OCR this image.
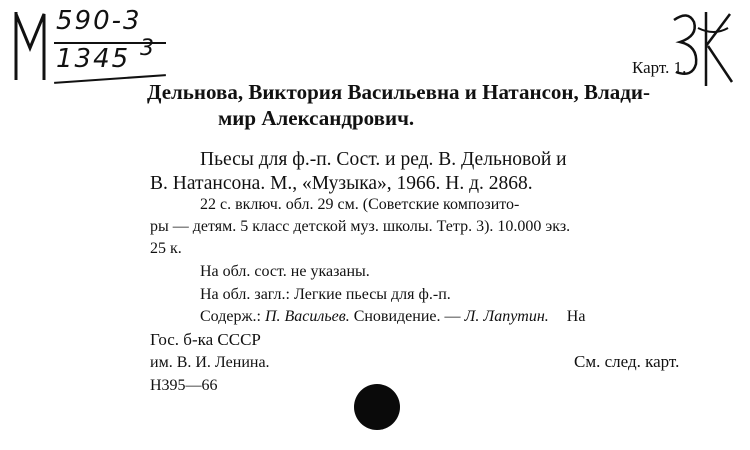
590-3
1345 3
Карт. 1.
Дельнова, Виктория Васильевна и Натансон, Влади-
мир Александрович.
Пьесы для ф.-п. Сост. и ред. В. Дельновой и
В. Натансона. М., «Музыка», 1966. Н. д. 2868.
22 с. включ. обл. 29 см. (Советские композито-
ры — детям. 5 класс детской муз. школы. Тетр. 3). 10.000 экз.
25 к.
На обл. сост. не указаны.
На обл. загл.: Легкие пьесы для ф.-п.
Содерж.: П. Васильев. Сновидение. — Л. Лапутин. На
Гос. б-ка СССР
им. В. И. Ленина.	См. след. карт.
Н395—66
